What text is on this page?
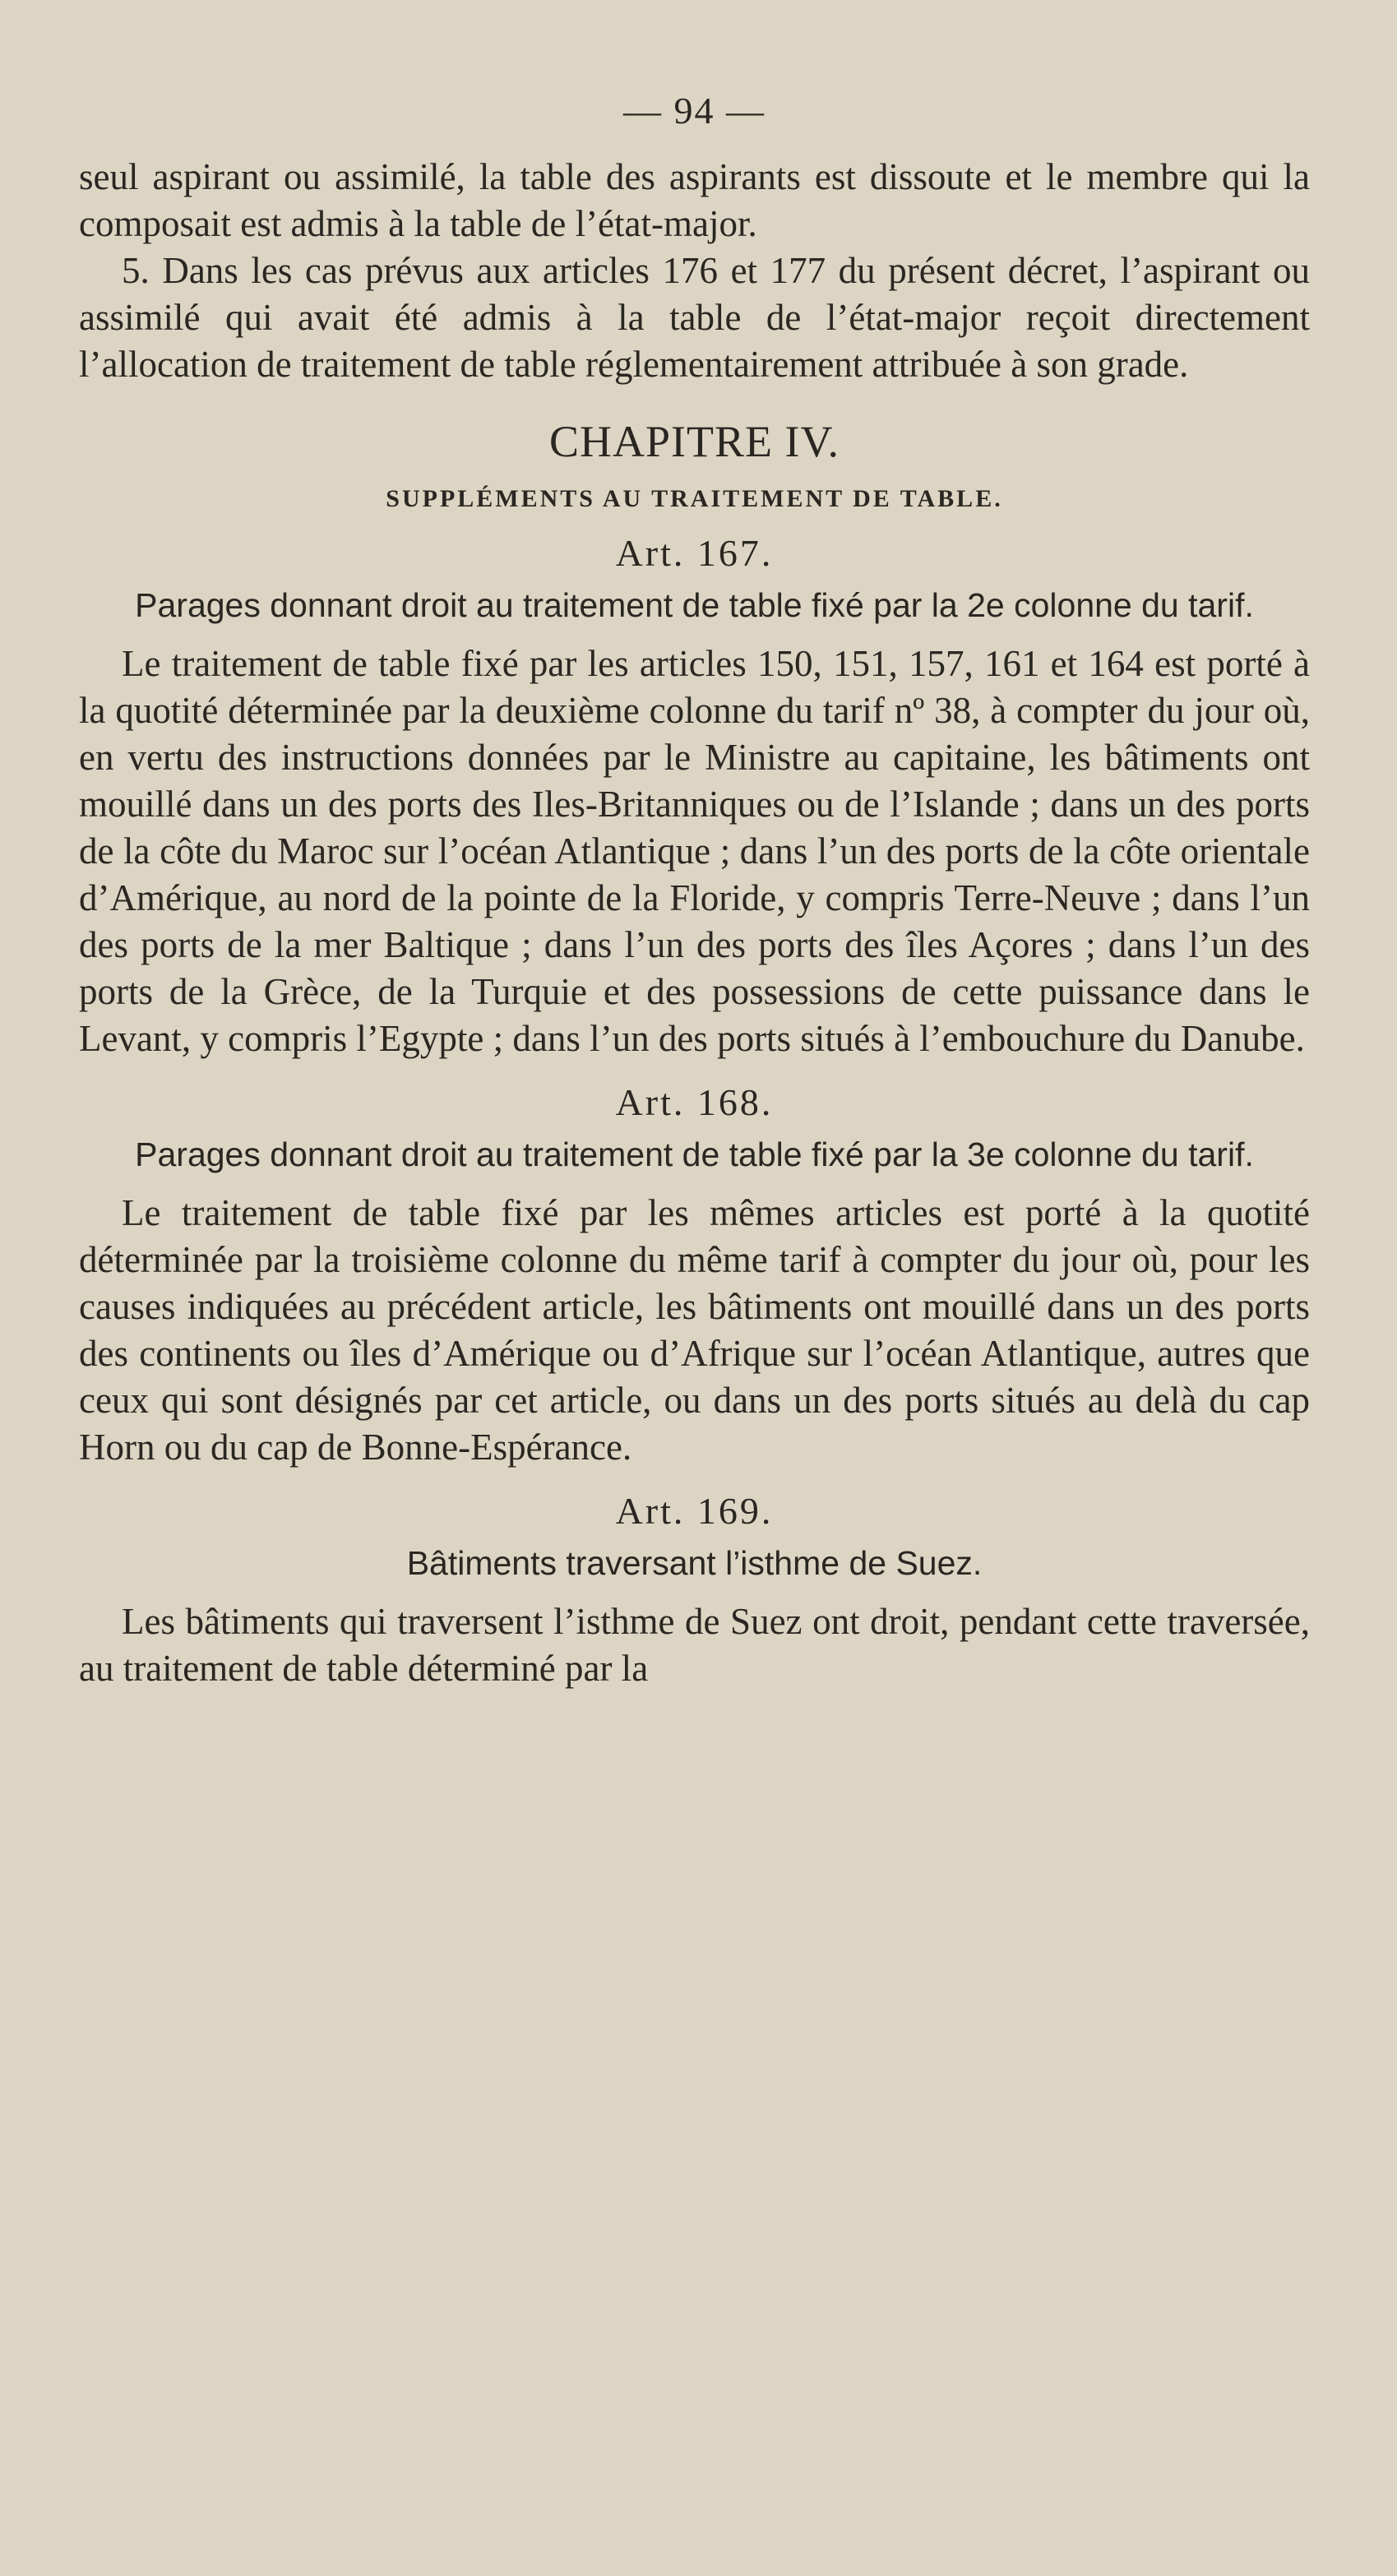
— 94 —

seul aspirant ou assimilé, la table des aspirants est dissoute et le membre qui la composait est admis à la table de l’état-major.

5. Dans les cas prévus aux articles 176 et 177 du présent décret, l’aspirant ou assimilé qui avait été admis à la table de l’état-major reçoit directement l’allocation de traitement de table réglementairement attribuée à son grade.

CHAPITRE IV.
SUPPLÉMENTS AU TRAITEMENT DE TABLE.
Art. 167.
Parages donnant droit au traitement de table fixé par la 2e colonne du tarif.

Le traitement de table fixé par les articles 150, 151, 157, 161 et 164 est porté à la quotité déterminée par la deuxième colonne du tarif nº 38, à compter du jour où, en vertu des instructions données par le Ministre au capitaine, les bâtiments ont mouillé dans un des ports des Iles-Britanniques ou de l’Islande ; dans un des ports de la côte du Maroc sur l’océan Atlantique ; dans l’un des ports de la côte orientale d’Amérique, au nord de la pointe de la Floride, y compris Terre-Neuve ; dans l’un des ports de la mer Baltique ; dans l’un des ports des îles Açores ; dans l’un des ports de la Grèce, de la Turquie et des possessions de cette puissance dans le Levant, y compris l’Egypte ; dans l’un des ports situés à l’embouchure du Danube.

Art. 168.
Parages donnant droit au traitement de table fixé par la 3e colonne du tarif.

Le traitement de table fixé par les mêmes articles est porté à la quotité déterminée par la troisième colonne du même tarif à compter du jour où, pour les causes indiquées au précédent article, les bâtiments ont mouillé dans un des ports des continents ou îles d’Amérique ou d’Afrique sur l’océan Atlantique, autres que ceux qui sont désignés par cet article, ou dans un des ports situés au delà du cap Horn ou du cap de Bonne-Espérance.

Art. 169.
Bâtiments traversant l’isthme de Suez.

Les bâtiments qui traversent l’isthme de Suez ont droit, pendant cette traversée, au traitement de table déterminé par la
